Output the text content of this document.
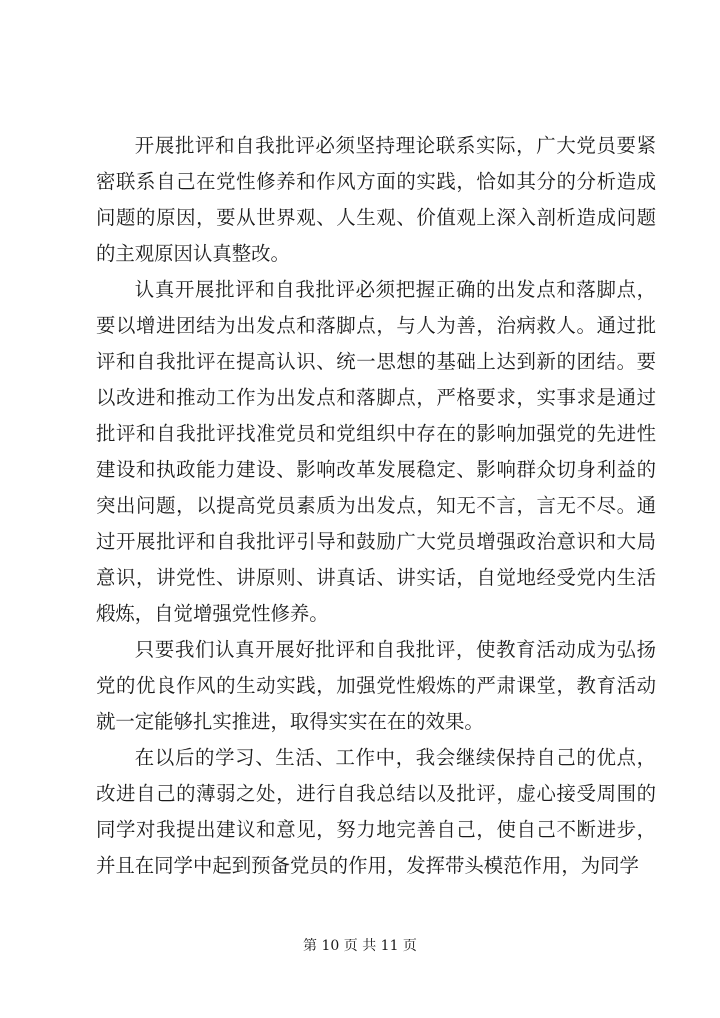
开展批评和自我批评必须坚持理论联系实际，广大党员要紧密联系自己在党性修养和作风方面的实践，恰如其分的分析造成问题的原因，要从世界观、人生观、价值观上深入剖析造成问题的主观原因认真整改。

认真开展批评和自我批评必须把握正确的出发点和落脚点，要以增进团结为出发点和落脚点，与人为善，治病救人。通过批评和自我批评在提高认识、统一思想的基础上达到新的团结。要以改进和推动工作为出发点和落脚点，严格要求，实事求是通过批评和自我批评找准党员和党组织中存在的影响加强党的先进性建设和执政能力建设、影响改革发展稳定、影响群众切身利益的突出问题，以提高党员素质为出发点，知无不言，言无不尽。通过开展批评和自我批评引导和鼓励广大党员增强政治意识和大局意识，讲党性、讲原则、讲真话、讲实话，自觉地经受党内生活煅炼，自觉增强党性修养。

只要我们认真开展好批评和自我批评，使教育活动成为弘扬党的优良作风的生动实践，加强党性煅炼的严肃课堂，教育活动就一定能够扎实推进，取得实实在在的效果。

在以后的学习、生活、工作中，我会继续保持自己的优点，改进自己的薄弱之处，进行自我总结以及批评，虚心接受周围的同学对我提出建议和意见，努力地完善自己，使自己不断进步，并且在同学中起到预备党员的作用，发挥带头模范作用，为同学

第 10 页 共 11 页
